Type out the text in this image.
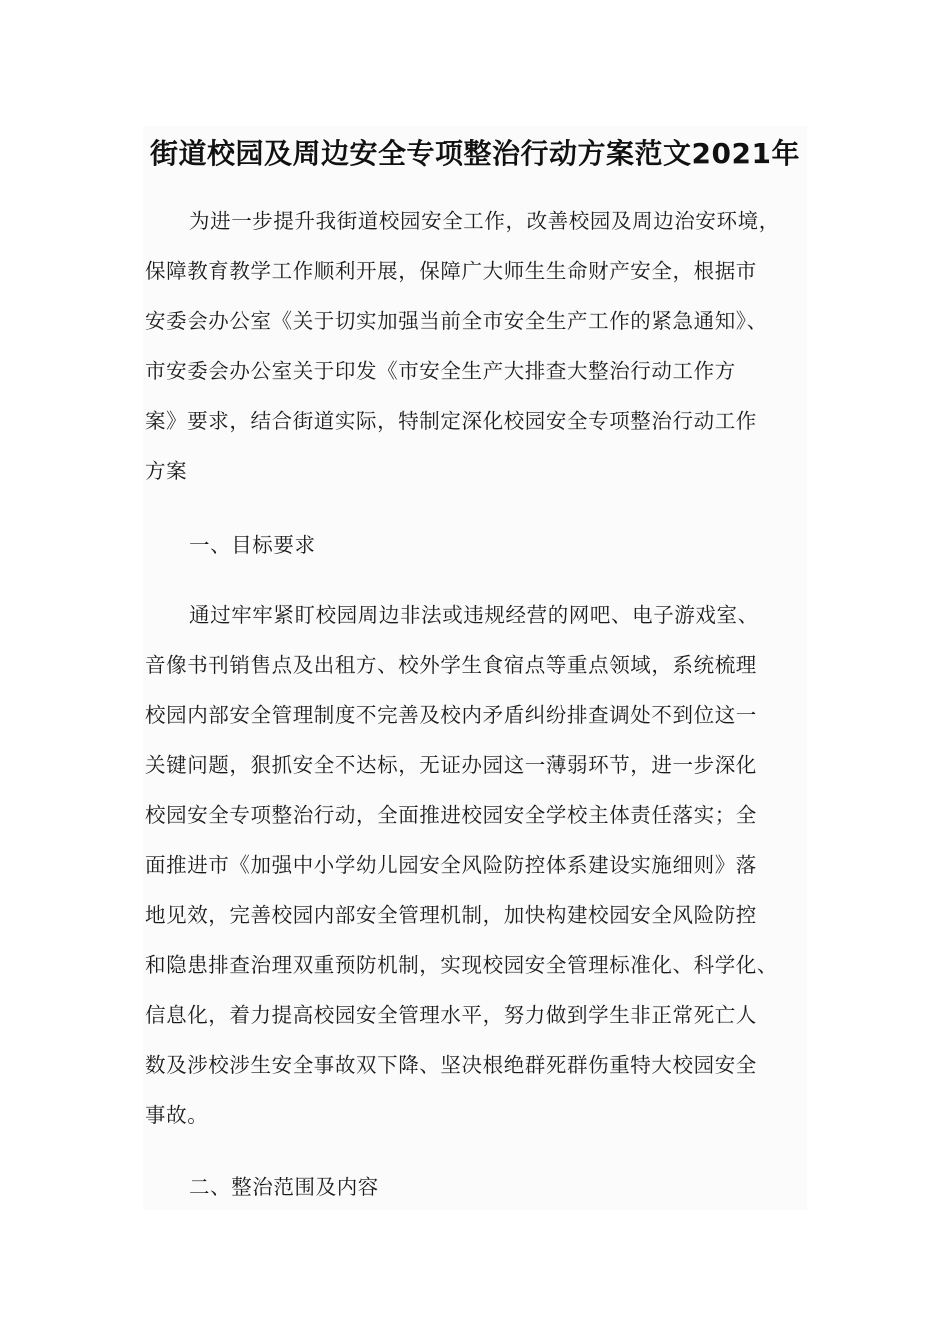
街道校园及周边安全专项整治行动方案范文2021年
为进一步提升我街道校园安全工作，改善校园及周边治安环境，
保障教育教学工作顺利开展，保障广大师生生命财产安全，根据市
安委会办公室《关于切实加强当前全市安全生产工作的紧急通知》、
市安委会办公室关于印发《市安全生产大排查大整治行动工作方
案》要求，结合街道实际，特制定深化校园安全专项整治行动工作
方案
一、目标要求
通过牢牢紧盯校园周边非法或违规经营的网吧、电子游戏室、
音像书刊销售点及出租方、校外学生食宿点等重点领域，系统梳理
校园内部安全管理制度不完善及校内矛盾纠纷排查调处不到位这一
关键问题，狠抓安全不达标，无证办园这一薄弱环节，进一步深化
校园安全专项整治行动，全面推进校园安全学校主体责任落实；全
面推进市《加强中小学幼儿园安全风险防控体系建设实施细则》落
地见效，完善校园内部安全管理机制，加快构建校园安全风险防控
和隐患排查治理双重预防机制，实现校园安全管理标准化、科学化、
信息化，着力提高校园安全管理水平，努力做到学生非正常死亡人
数及涉校涉生安全事故双下降、坚决根绝群死群伤重特大校园安全
事故。
二、整治范围及内容
